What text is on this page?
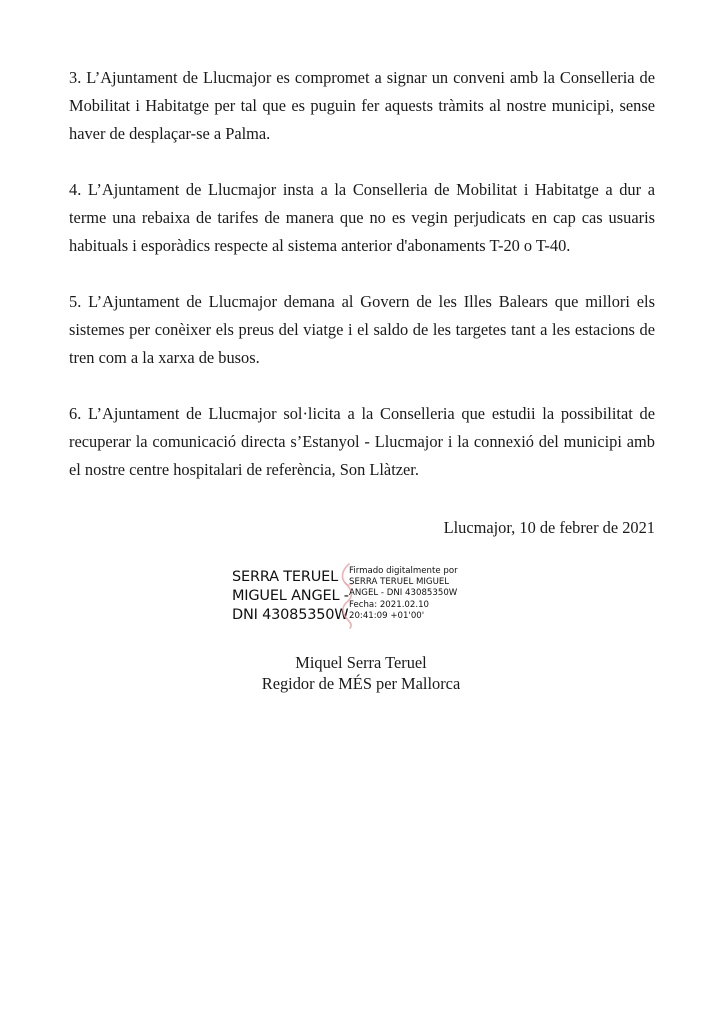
3. L’Ajuntament de Llucmajor es compromet a signar un conveni amb la Conselleria de Mobilitat i Habitatge per tal que es puguin fer aquests tràmits al nostre municipi, sense haver de desplaçar-se a Palma.

4. L’Ajuntament de Llucmajor insta a la Conselleria de Mobilitat i Habitatge a dur a terme una rebaixa de tarifes de manera que no es vegin perjudicats en cap cas usuaris habituals i esporàdics respecte al sistema anterior d'abonaments T-20 o T-40.

5. L’Ajuntament de Llucmajor demana al Govern de les Illes Balears que millori els sistemes per conèixer els preus del viatge i el saldo de les targetes tant a les estacions de tren com a la xarxa de busos.

6. L’Ajuntament de Llucmajor sol·licita a la Conselleria que estudii la possibilitat de recuperar la comunicació directa s’Estanyol - Llucmajor i la connexió del municipi amb el nostre centre hospitalari de referència, Son Llàtzer.

Llucmajor, 10 de febrer de 2021
SERRA TERUEL
MIGUEL ANGEL -
DNI 43085350W
Firmado digitalmente por
SERRA TERUEL MIGUEL
ANGEL - DNI 43085350W
Fecha: 2021.02.10
20:41:09 +01'00'
Miquel Serra Teruel
Regidor de MÉS per Mallorca
